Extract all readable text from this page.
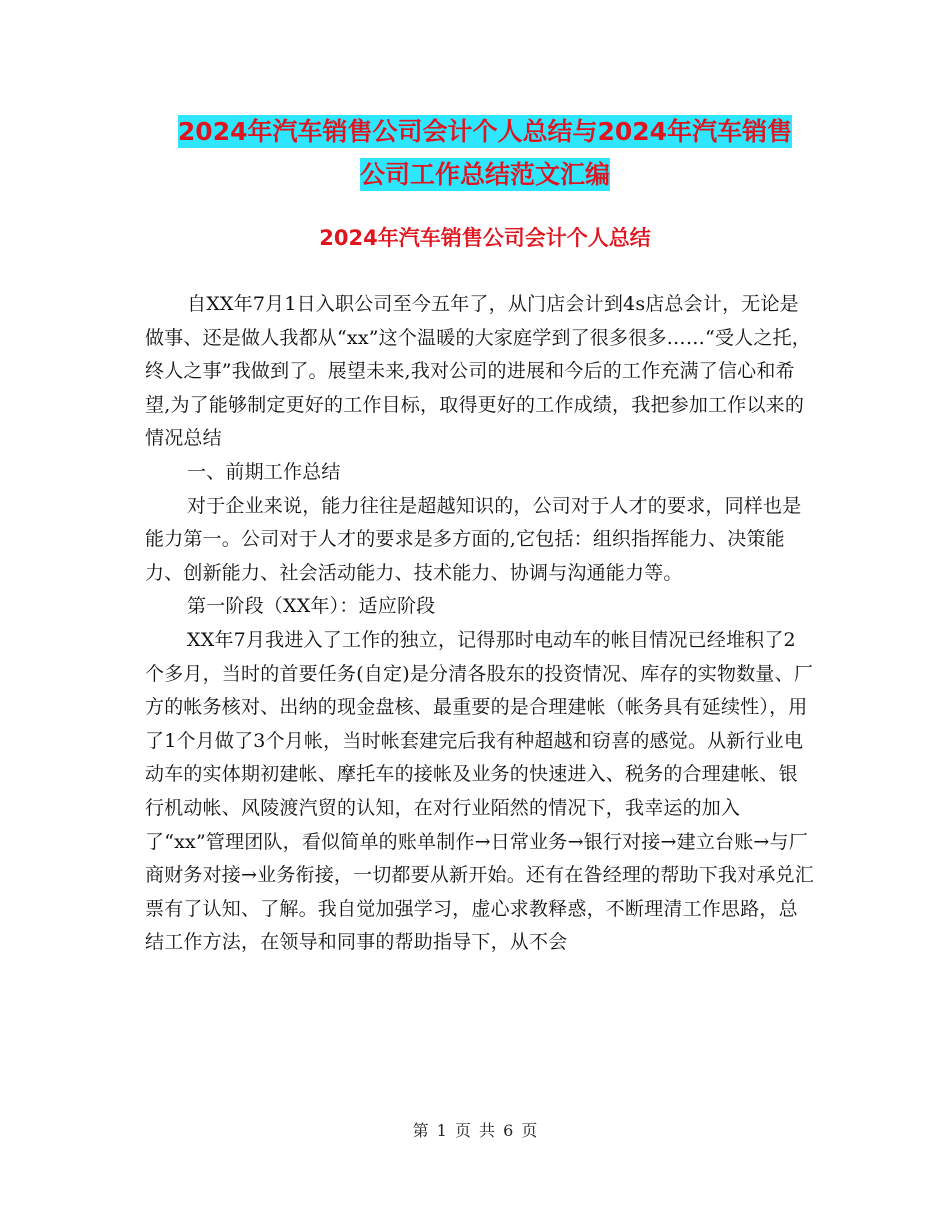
2024年汽车销售公司会计个人总结与2024年汽车销售
公司工作总结范文汇编
2024年汽车销售公司会计个人总结

自XX年7月1日入职公司至今五年了，从门店会计到4s店总会计，无论是做事、还是做人我都从“xx”这个温暖的大家庭学到了很多很多……“受人之托，终人之事”我做到了。展望未来,我对公司的进展和今后的工作充满了信心和希望,为了能够制定更好的工作目标，取得更好的工作成绩，我把参加工作以来的情况总结

一、前期工作总结

对于企业来说，能力往往是超越知识的，公司对于人才的要求，同样也是能力第一。公司对于人才的要求是多方面的,它包括：组织指挥能力、决策能力、创新能力、社会活动能力、技术能力、协调与沟通能力等。

第一阶段（XX年）：适应阶段

XX年7月我进入了工作的独立，记得那时电动车的帐目情况已经堆积了2个多月，当时的首要任务(自定)是分清各股东的投资情况、库存的实物数量、厂方的帐务核对、出纳的现金盘核、最重要的是合理建帐（帐务具有延续性），用了1个月做了3个月帐，当时帐套建完后我有种超越和窃喜的感觉。从新行业电动车的实体期初建帐、摩托车的接帐及业务的快速进入、税务的合理建帐、银行机动帐、风陵渡汽贸的认知，在对行业陌然的情况下，我幸运的加入了“xx”管理团队，看似简单的账单制作→日常业务→银行对接→建立台账→与厂商财务对接→业务衔接，一切都要从新开始。还有在昝经理的帮助下我对承兑汇票有了认知、了解。我自觉加强学习，虚心求教释惑，不断理清工作思路，总结工作方法，在领导和同事的帮助指导下，从不会

第 1 页 共 6 页
